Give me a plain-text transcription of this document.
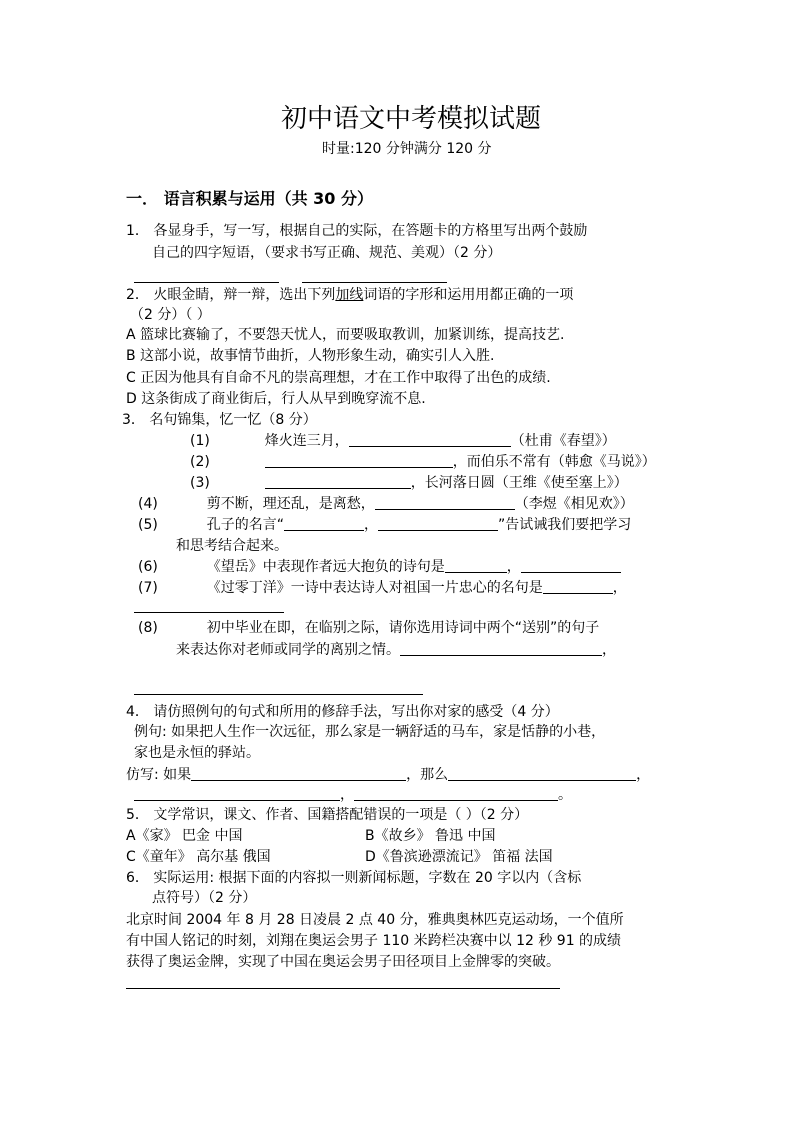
初中语文中考模拟试题
时量:120 分钟满分 120 分
一． 语言积累与运用（共 30 分）
1． 各显身手，写一写，根据自己的实际，在答题卡的方格里写出两个鼓励
自己的四字短语，（要求书写正确、规范、美观）（2 分）
2． 火眼金睛，辩一辩，选出下列加线词语的字形和运用用都正确的一项
（2 分）（ ）
A 篮球比赛输了，不要怨天忧人，而要吸取教训，加紧训练，提高技艺.
B 这部小说，故事情节曲折，人物形象生动，确实引人入胜.
C 正因为他具有自命不凡的崇高理想，才在工作中取得了出色的成绩.
D 这条街成了商业街后，行人从早到晚穿流不息.
3． 名句锦集，忆一忆（8 分）
(1)	烽火连三月，	（杜甫《春望》）
(2)	，而伯乐不常有（韩愈《马说》）
(3)	，长河落日圆（王维《使至塞上》）
(4)	剪不断，理还乱，是离愁，	（李煜《相见欢》）
(5)	孔子的名言“	，	”告试诫我们要把学习
和思考结合起来。
(6)	《望岳》中表现作者远大抱负的诗句是	，
(7)	《过零丁洋》一诗中表达诗人对祖国一片忠心的名句是	，
(8)	初中毕业在即，在临别之际，请你选用诗词中两个“送别”的句子
来表达你对老师或同学的离别之情。	，
4． 请仿照例句的句式和所用的修辞手法，写出你对家的感受（4 分）
例句: 如果把人生作一次远征，那么家是一辆舒适的马车，家是恬静的小巷，
家也是永恒的驿站。
仿写: 如果	，那么	，
，	。
5． 文学常识，课文、作者、国籍搭配错误的一项是（ ）（2 分）
A《家》 巴金 中国	B《故乡》 鲁迅 中国
C《童年》 高尔基 俄国	D《鲁滨逊漂流记》 笛福 法国
6． 实际运用: 根据下面的内容拟一则新闻标题，字数在 20 字以内（含标
点符号）（2 分）
北京时间 2004 年 8 月 28 日凌晨 2 点 40 分，雅典奥林匹克运动场，一个值所
有中国人铭记的时刻，刘翔在奥运会男子 110 米跨栏决赛中以 12 秒 91 的成绩
获得了奥运金牌，实现了中国在奥运会男子田径项目上金牌零的突破。
